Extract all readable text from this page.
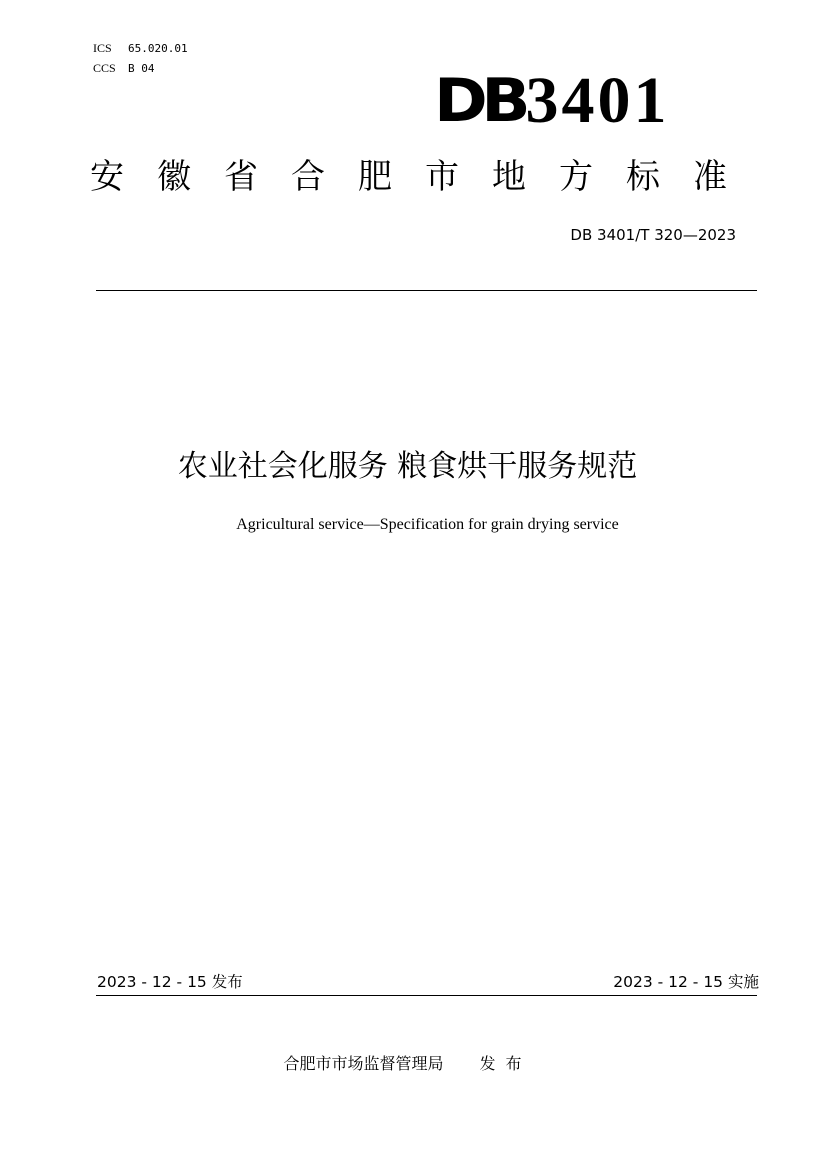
ICS 65.020.01
CCS B 04	DB3401
安徽省合肥市地方标准
DB 3401/T 320—2023
农业社会化服务 粮食烘干服务规范
Agricultural service—Specification for grain drying service
2023 - 12 - 15 发布	2023 - 12 - 15 实施
合肥市市场监督管理局 发布
